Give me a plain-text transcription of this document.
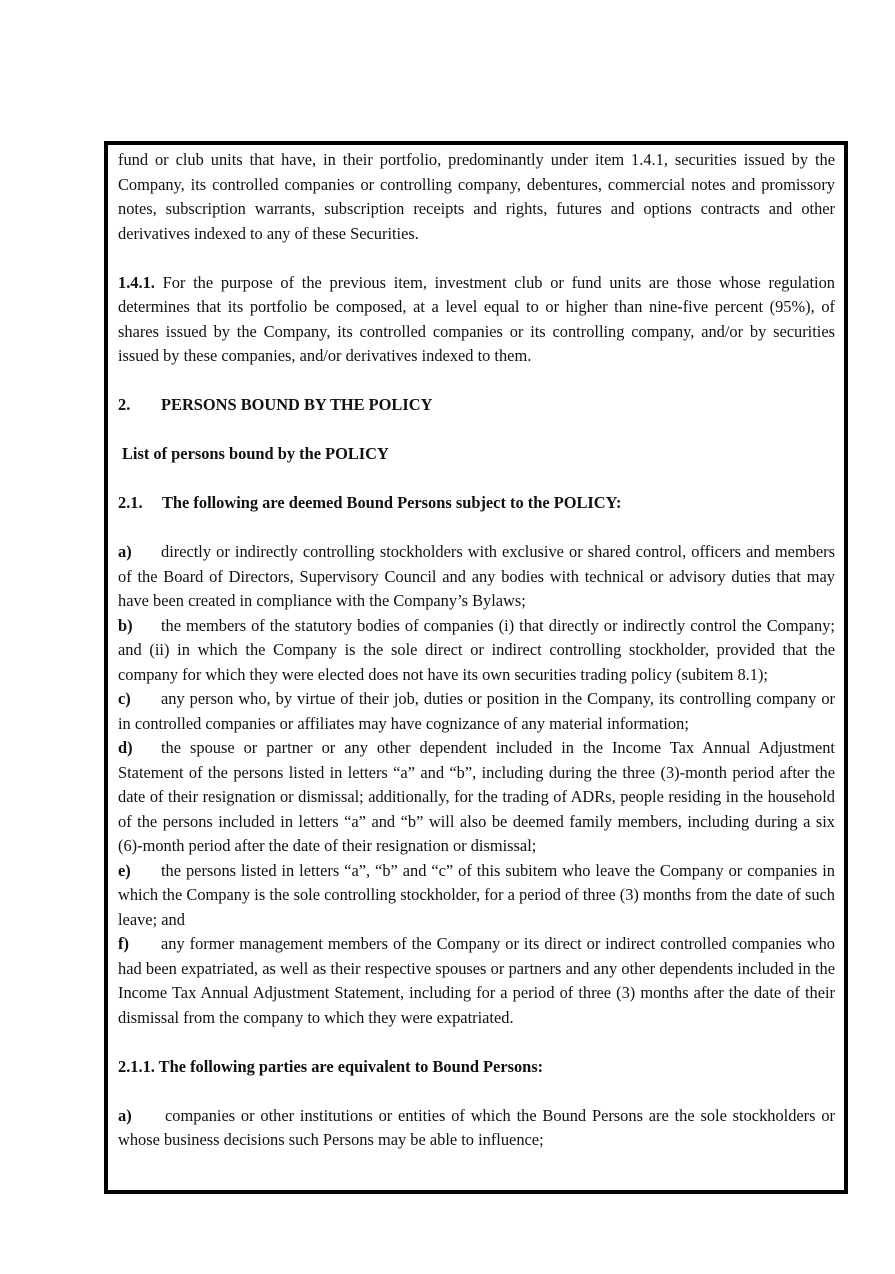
fund or club units that have, in their portfolio, predominantly under item 1.4.1, securities issued by the Company, its controlled companies or controlling company, debentures, commercial notes and promissory notes, subscription warrants, subscription receipts and rights, futures and options contracts and other derivatives indexed to any of these Securities.

1.4.1. For the purpose of the previous item, investment club or fund units are those whose regulation determines that its portfolio be composed, at a level equal to or higher than nine-five percent (95%), of shares issued by the Company, its controlled companies or its controlling company, and/or by securities issued by these companies, and/or derivatives indexed to them.

2. PERSONS BOUND BY THE POLICY

List of persons bound by the POLICY

2.1. The following are deemed Bound Persons subject to the POLICY:

a) directly or indirectly controlling stockholders with exclusive or shared control, officers and members of the Board of Directors, Supervisory Council and any bodies with technical or advisory duties that may have been created in compliance with the Company’s Bylaws;

b) the members of the statutory bodies of companies (i) that directly or indirectly control the Company; and (ii) in which the Company is the sole direct or indirect controlling stockholder, provided that the company for which they were elected does not have its own securities trading policy (subitem 8.1);

c) any person who, by virtue of their job, duties or position in the Company, its controlling company or in controlled companies or affiliates may have cognizance of any material information;

d) the spouse or partner or any other dependent included in the Income Tax Annual Adjustment Statement of the persons listed in letters “a” and “b”, including during the three (3)-month period after the date of their resignation or dismissal; additionally, for the trading of ADRs, people residing in the household of the persons included in letters “a” and “b” will also be deemed family members, including during a six (6)-month period after the date of their resignation or dismissal;

e) the persons listed in letters “a”, “b” and “c” of this subitem who leave the Company or companies in which the Company is the sole controlling stockholder, for a period of three (3) months from the date of such leave; and

f) any former management members of the Company or its direct or indirect controlled companies who had been expatriated, as well as their respective spouses or partners and any other dependents included in the Income Tax Annual Adjustment Statement, including for a period of three (3) months after the date of their dismissal from the company to which they were expatriated.

2.1.1. The following parties are equivalent to Bound Persons:

a) companies or other institutions or entities of which the Bound Persons are the sole stockholders or whose business decisions such Persons may be able to influence;
